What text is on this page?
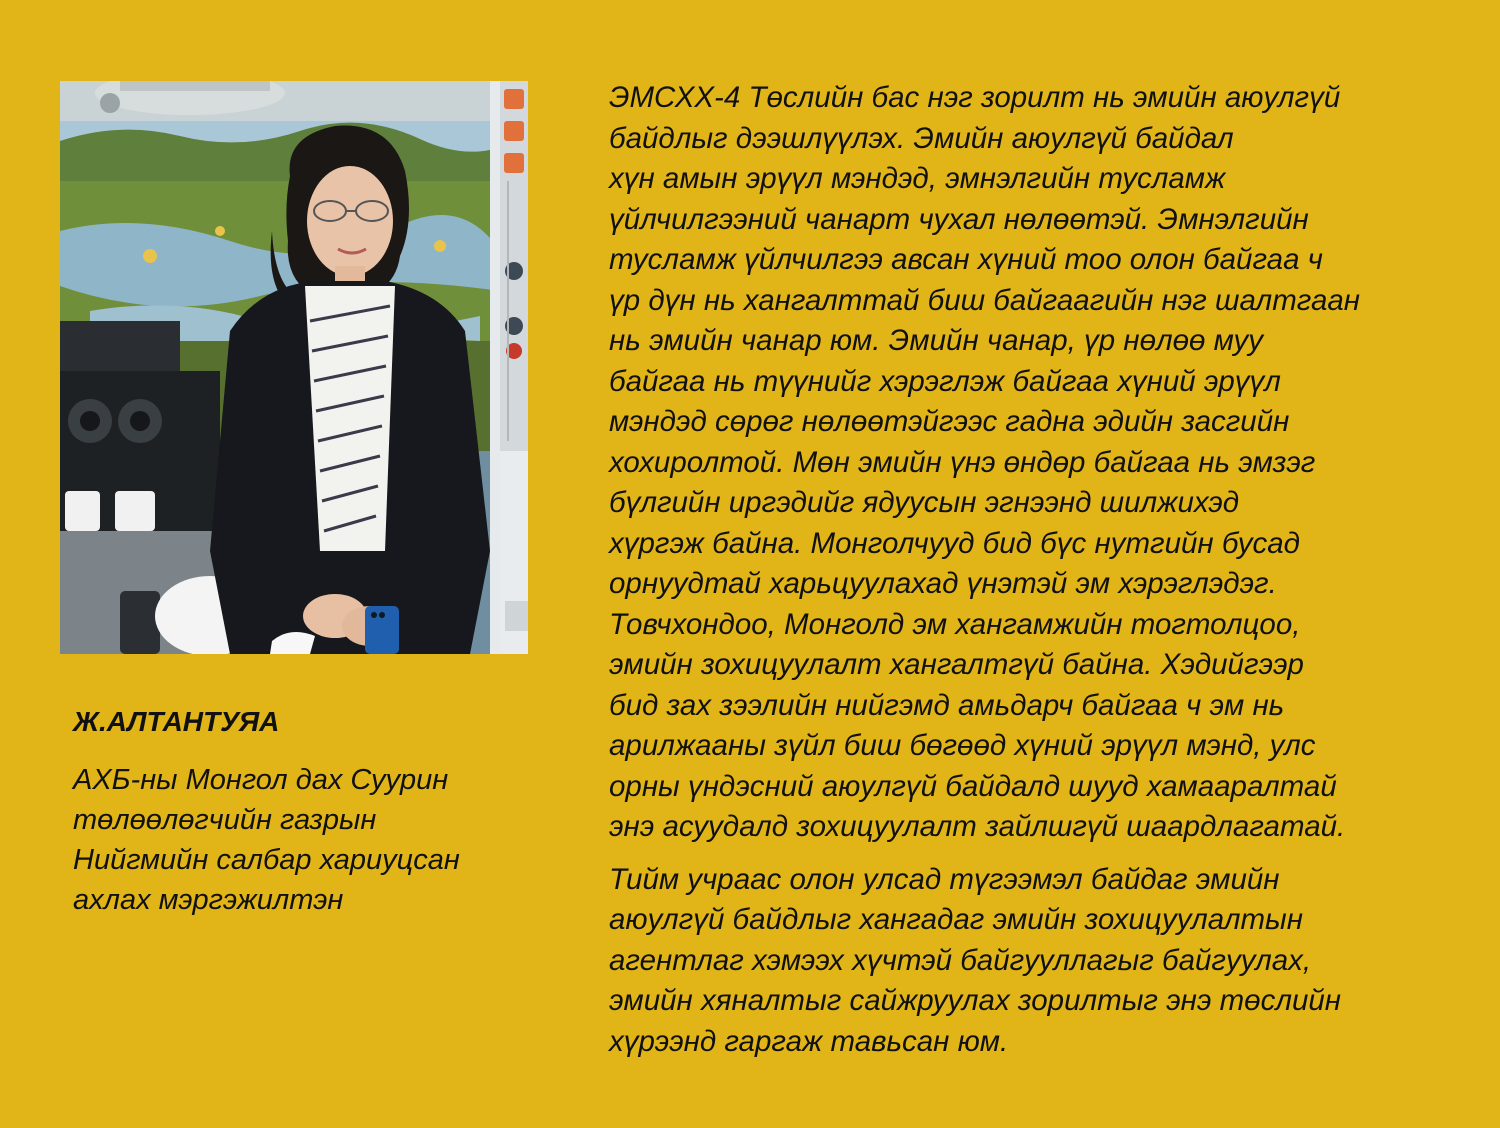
Ж.АЛТАНТУЯА

АХБ-ны Монгол дах Суурин
төлөөлөгчийн газрын
Нийгмийн салбар хариуцсан
ахлах мэргэжилтэн

ЭМСХХ-4 Төслийн бас нэг зорилт нь эмийн аюулгүй
байдлыг дээшлүүлэх. Эмийн аюулгүй байдал
хүн амын эрүүл мэндэд, эмнэлгийн тусламж
үйлчилгээний чанарт чухал нөлөөтэй. Эмнэлгийн
тусламж үйлчилгээ авсан хүний тоо олон байгаа ч
үр дүн нь хангалттай биш байгаагийн нэг шалтгаан
нь эмийн чанар юм. Эмийн чанар, үр нөлөө муу
байгаа нь түүнийг хэрэглэж байгаа хүний эрүүл
мэндэд сөрөг нөлөөтэйгээс гадна эдийн засгийн
хохиролтой. Мөн эмийн үнэ өндөр байгаа нь эмзэг
бүлгийн иргэдийг ядуусын эгнээнд шилжихэд
хүргэж байна. Монголчууд бид бүс нутгийн бусад
орнуудтай харьцуулахад үнэтэй эм хэрэглэдэг.
Товчхондоо, Монголд эм хангамжийн тогтолцоо,
эмийн зохицуулалт хангалтгүй байна. Хэдийгээр
бид зах зээлийн нийгэмд амьдарч байгаа ч эм нь
арилжааны зүйл биш бөгөөд хүний эрүүл мэнд, улс
орны үндэсний аюулгүй байдалд шууд хамааралтай
энэ асуудалд зохицуулалт зайлшгүй шаардлагатай.

Тийм учраас олон улсад түгээмэл байдаг эмийн
аюулгүй байдлыг хангадаг эмийн зохицуулалтын
агентлаг хэмээх хүчтэй байгууллагыг байгуулах,
эмийн хяналтыг сайжруулах зорилтыг энэ төслийн
хүрээнд гаргаж тавьсан юм.
